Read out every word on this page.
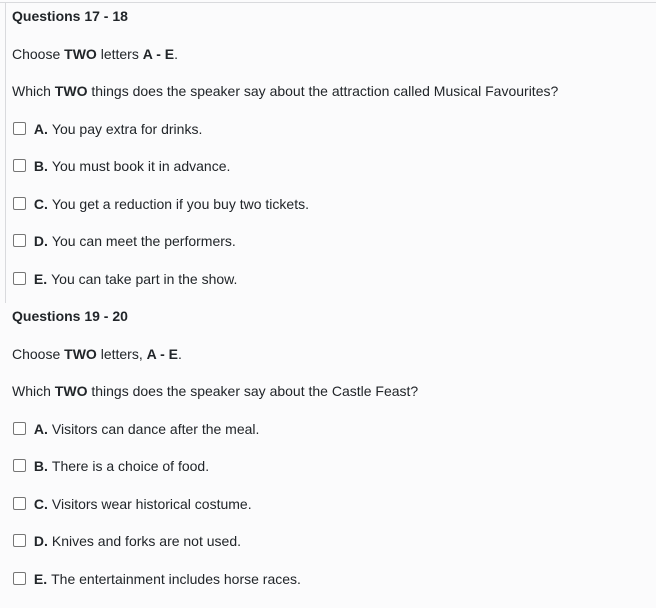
Questions 17 - 18

Choose TWO letters A - E.

Which TWO things does the speaker say about the attraction called Musical Favourites?

A. You pay extra for drinks.
B. You must book it in advance.
C. You get a reduction if you buy two tickets.
D. You can meet the performers.
E. You can take part in the show.

Questions 19 - 20

Choose TWO letters, A - E.

Which TWO things does the speaker say about the Castle Feast?

A. Visitors can dance after the meal.
B. There is a choice of food.
C. Visitors wear historical costume.
D. Knives and forks are not used.
E. The entertainment includes horse races.
